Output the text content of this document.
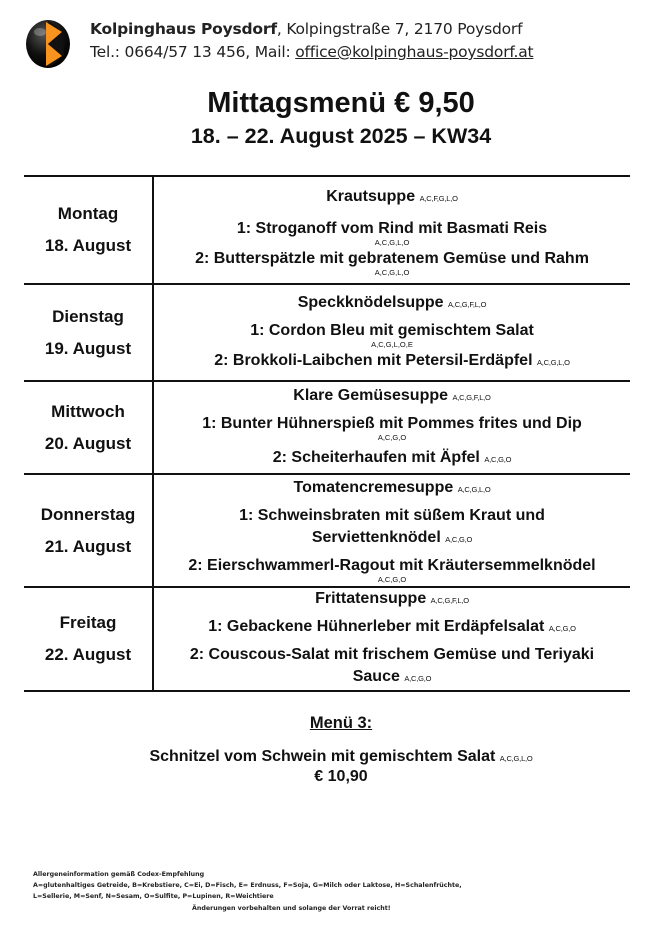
Kolpinghaus Poysdorf, Kolpingstraße 7, 2170 Poysdorf
Tel.: 0664/57 13 456, Mail: office@kolpinghaus-poysdorf.at
Mittagsmenü € 9,50
18. – 22. August 2025 – KW34
Montag
18. August

Krautsuppe A,C,F,G,L,O
1: Stroganoff vom Rind mit Basmati Reis
A,C,G,L,O
2: Butterspätzle mit gebratenem Gemüse und Rahm
A,C,G,L,O

Dienstag
19. August

Speckknödelsuppe A,C,G,F,L,O
1: Cordon Bleu mit gemischtem Salat
A,C,G,L,O,E
2: Brokkoli-Laibchen mit Petersil-Erdäpfel A,C,G,L,O

Mittwoch
20. August

Klare Gemüsesuppe A,C,G,F,L,O
1: Bunter Hühnerspieß mit Pommes frites und Dip
A,C,G,O
2: Scheiterhaufen mit Äpfel A,C,G,O

Donnerstag
21. August

Tomatencremesuppe A,C,G,L,O
1: Schweinsbraten mit süßem Kraut und
Serviettenknödel A,C,G,O
2: Eierschwammerl-Ragout mit Kräutersemmelknödel
A,C,G,O

Freitag
22. August

Frittatensuppe A,C,G,F,L,O
1: Gebackene Hühnerleber mit Erdäpfelsalat A,C,G,O
2: Couscous-Salat mit frischem Gemüse und Teriyaki
Sauce A,C,G,O
Menü 3:
Schnitzel vom Schwein mit gemischtem Salat A,C,G,L,O
€ 10,90
Allergeneinformation gemäß Codex-Empfehlung
A=glutenhaltiges Getreide, B=Krebstiere, C=Ei, D=Fisch, E= Erdnuss, F=Soja, G=Milch oder Laktose, H=Schalenfrüchte,
L=Sellerie, M=Senf, N=Sesam, O=Sulfite, P=Lupinen, R=Weichtiere
Änderungen vorbehalten und solange der Vorrat reicht!
